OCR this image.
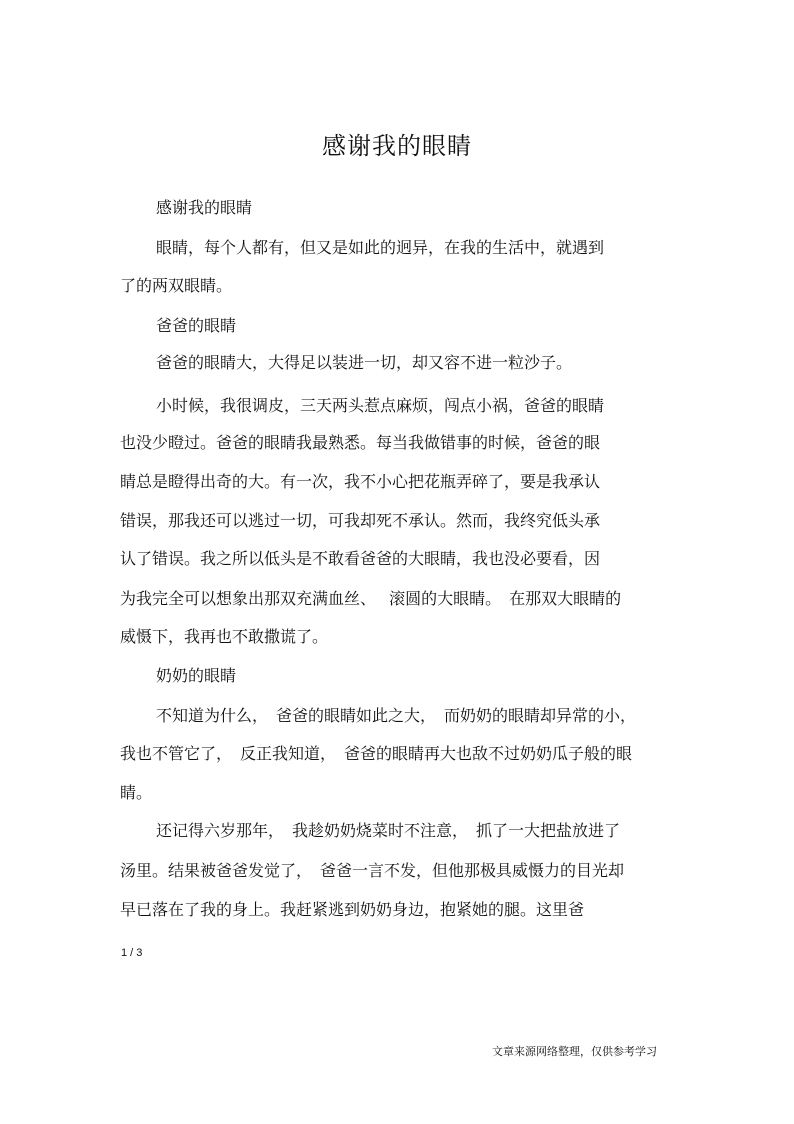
感谢我的眼睛
感谢我的眼睛
眼睛，每个人都有，但又是如此的迥异，在我的生活中，就遇到
了的两双眼睛。
爸爸的眼睛
爸爸的眼睛大，大得足以装进一切，却又容不进一粒沙子。
小时候，我很调皮，三天两头惹点麻烦，闯点小祸，爸爸的眼睛
也没少瞪过。爸爸的眼睛我最熟悉。每当我做错事的时候，爸爸的眼
睛总是瞪得出奇的大。有一次，我不小心把花瓶弄碎了，要是我承认
错误，那我还可以逃过一切，可我却死不承认。然而，我终究低头承
认了错误。我之所以低头是不敢看爸爸的大眼睛，我也没必要看，因
为我完全可以想象出那双充满血丝、　 滚圆的大眼睛。　在那双大眼睛的
威慑下，我再也不敢撒谎了。
奶奶的眼睛
不知道为什么，　爸爸的眼睛如此之大，　而奶奶的眼睛却异常的小，
我也不管它了，　反正我知道，　爸爸的眼睛再大也敌不过奶奶瓜子般的眼
睛。
还记得六岁那年，　我趁奶奶烧菜时不注意，　抓了一大把盐放进了
汤里。结果被爸爸发觉了，　爸爸一言不发，但他那极具威慑力的目光却
早已落在了我的身上。我赶紧逃到奶奶身边，抱紧她的腿。这里爸
1 / 3
文章来源网络整理，仅供参考学习
